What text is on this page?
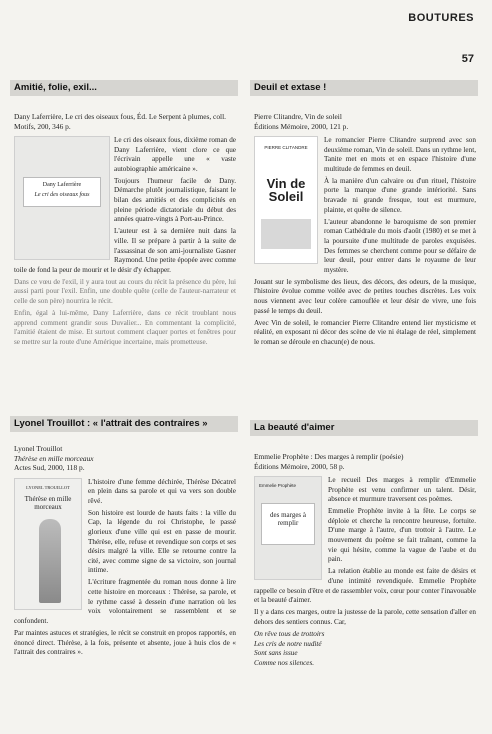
BOUTURES
57
Amitié, folie, exil...
Dany Laferrière, Le cri des oiseaux fous, Éd. Le Serpent à plumes, coll. Motifs, 200, 346 p.
Dany Laferrière
Le cri des oiseaux fous

Le cri des oiseaux fous, dixième roman de Dany Laferrière, vient clore ce que l'écrivain appelle une « vaste autobiographie américaine ».

Toujours l'humeur facile de Dany. Démarche plutôt journalistique, faisant le bilan des amitiés et des complicités en pleine période dictatoriale du début des années quatre-vingts à Port-au-Prince.

L'auteur est à sa dernière nuit dans la ville. Il se prépare à partir à la suite de l'assassinat de son ami-journaliste Gasner Raymond. Une petite épopée avec comme toile de fond la peur de mourir et le désir d'y échapper.

Dans ce vœu de l'exil, il y aura tout au cours du récit la présence du père, lui aussi parti pour l'exil. Enfin, une double quête (celle de l'auteur-narrateur et celle de son père) nourrira le récit.

Enfin, égal à lui-même, Dany Laferrière, dans ce récit troublant nous apprend comment grandir sous Duvalier... En commentant la complicité, l'amitié étaient de mise. Et surtout comment claquer portes et fenêtres pour se mettre sur la route d'une Amérique incertaine, mais prometteuse.

Deuil et extase !
Pierre Clitandre, Vin de soleil
Éditions Mémoire, 2000, 121 p.
PIERRE CLITANDRE
Vin de Soleil

Le romancier Pierre Clitandre surprend avec son deuxième roman, Vin de soleil. Dans un rythme lent, Tanite met en mots et en espace l'histoire d'une multitude de femmes en deuil.

À la manière d'un calvaire ou d'un rituel, l'histoire porte la marque d'une grande intériorité. Sans bravade ni grande fresque, tout est murmure, plainte, et quête de silence.

L'auteur abandonne le baroquisme de son premier roman Cathédrale du mois d'août (1980) et se met à la poursuite d'une multitude de paroles exquisées. Des femmes se cherchent comme pour se défaire de leur deuil, pour entrer dans le royaume de leur mystère.

Jouant sur le symbolisme des lieux, des décors, des odeurs, de la musique, l'histoire évolue comme voilée avec de petites touches discrètes. Les voix nous viennent avec leur colère camouflée et leur désir de vivre, une fois passé le temps du deuil.

Avec Vin de soleil, le romancier Pierre Clitandre entend lier mysticisme et réalité, en exposant ni décor des scène de vie ni étalage de réel, simplement le roman se déroule en chacun(e) de nous.

Lyonel Trouillot : « l'attrait des contraires »
Lyonel Trouillot
Thérèse en mille morceaux
Actes Sud, 2000, 118 p.
LYONEL TROUILLOT
Thérèse en mille morceaux

L'histoire d'une femme déchirée, Thérèse Décatrel en plein dans sa parole et qui va vers son double rêvé.

Son histoire est lourde de hauts faits : la ville du Cap, la légende du roi Christophe, le passé glorieux d'une ville qui est en passe de mourir. Thérèse, elle, refuse et revendique son corps et ses désirs malgré la ville. Elle se retourne contre la cité, avec comme signe de sa victoire, son journal intime.

L'écriture fragmentée du roman nous donne à lire cette histoire en morceaux : Thérèse, sa parole, et le rythme cassé à dessein d'une narration où les voix volontairement se rassemblent et se confondent.

Par maintes astuces et stratégies, le récit se construit en propos rapportés, en énoncé direct. Thérèse, à la fois, présente et absente, joue à huis clos de « l'attrait des contraires ».

La beauté d'aimer
Emmelie Prophète : Des marges à remplir (poésie)
Éditions Mémoire, 2000, 58 p.
Emmelie Prophète
des marges à remplir

Le recueil Des marges à remplir d'Emmelie Prophète est venu confirmer un talent. Désir, absence et murmure traversent ces poèmes.

Emmelie Prophète invite à la fête. Le corps se déploie et cherche la rencontre heureuse, fortuite. D'une marge à l'autre, d'un trottoir à l'autre. Le mouvement du poème se fait traînant, comme la vie qui hésite, comme la vague de l'aube et du pain.

La relation établie au monde est faite de désirs et d'une intimité revendiquée. Emmelie Prophète rappelle ce besoin d'être et de rassembler voix, cœur pour conter l'inavouable et la beauté d'aimer.

Il y a dans ces marges, outre la justesse de la parole, cette sensation d'aller en dehors des sentiers connus. Car,

On rêve tous de trottoirs
Les cris de notre nudité
Sont sans issue
Comme nos silences.
